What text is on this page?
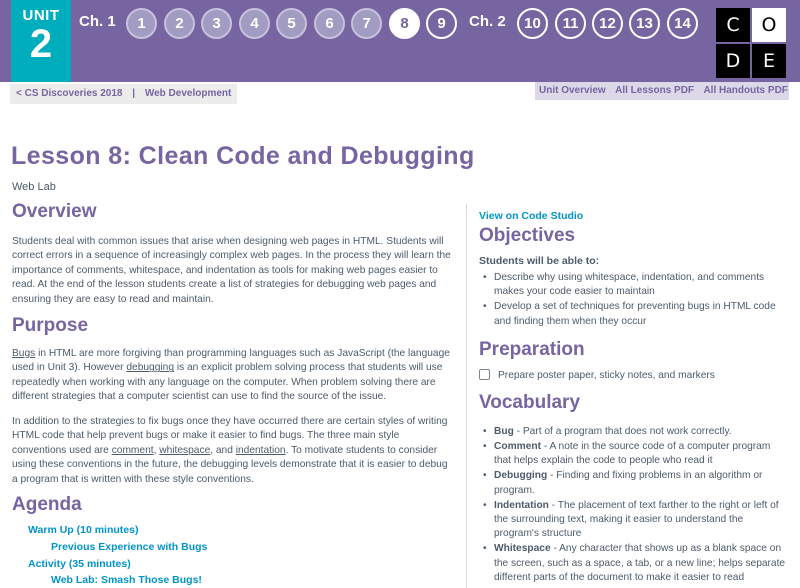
UNIT
2
Ch. 1	1	2	3	4	5	6	7	8	9	Ch. 2	10	11	12	13	14	C	O
D	E
< CS Discoveries 2018 | Web Development	Unit Overview All Lessons PDF All Handouts PDF
Lesson 8: Clean Code and Debugging
Web Lab
Overview

Students deal with common issues that arise when designing web pages in HTML. Students will correct errors in a sequence of increasingly complex web pages. In the process they will learn the importance of comments, whitespace, and indentation as tools for making web pages easier to read. At the end of the lesson students create a list of strategies for debugging web pages and ensuring they are easy to read and maintain.

Purpose

Bugs in HTML are more forgiving than programming languages such as JavaScript (the language used in Unit 3). However debugging is an explicit problem solving process that students will use repeatedly when working with any language on the computer. When problem solving there are different strategies that a computer scientist can use to find the source of the issue.

In addition to the strategies to fix bugs once they have occurred there are certain styles of writing HTML code that help prevent bugs or make it easier to find bugs. The three main style conventions used are comment, whitespace, and indentation. To motivate students to consider using these conventions in the future, the debugging levels demonstrate that it is easier to debug a program that is written with these style conventions.

Agenda
Warm Up (10 minutes)
Previous Experience with Bugs
Activity (35 minutes)
Web Lab: Smash Those Bugs!
View on Code Studio
Objectives
Students will be able to:
• Describe why using whitespace, indentation, and comments makes your code easier to maintain
• Develop a set of techniques for preventing bugs in HTML code and finding them when they occur
Preparation
Prepare poster paper, sticky notes, and markers
Vocabulary
• Bug - Part of a program that does not work correctly.
• Comment - A note in the source code of a computer program that helps explain the code to people who read it
• Debugging - Finding and fixing problems in an algorithm or program.
• Indentation - The placement of text farther to the right or left of the surrounding text, making it easier to understand the program's structure
• Whitespace - Any character that shows up as a blank space on the screen, such as a space, a tab, or a new line; helps separate different parts of the document to make it easier to read
